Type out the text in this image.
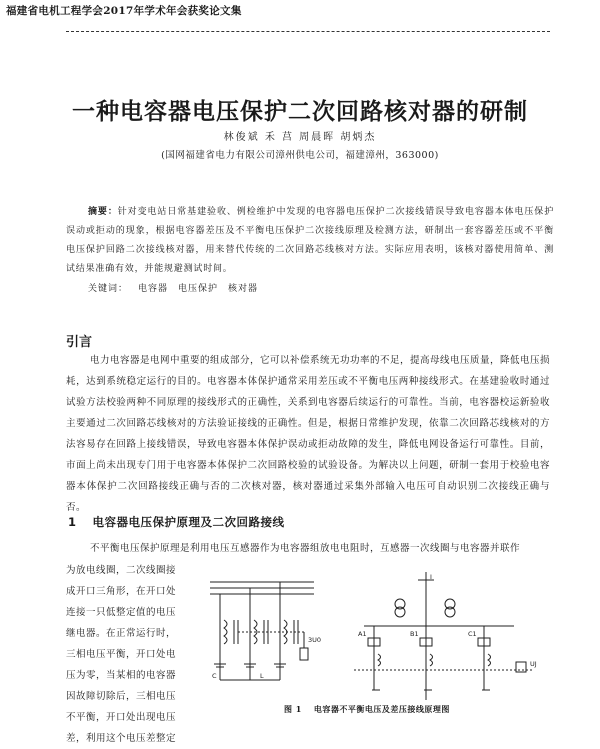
福建省电机工程学会2017年学术年会获奖论文集
一种电容器电压保护二次回路核对器的研制
林俊斌 禾 莒 周晨晖 胡炳杰
(国网福建省电力有限公司漳州供电公司，福建漳州，363000)
摘要：针对变电站日常基建验收、例检维护中发现的电容器电压保护二次接线错误导致电容器本体电压保护误动或拒动的现象，根据电容器差压及不平衡电压保护二次接线原理及检测方法，研制出一套容器差压或不平衡电压保护回路二次接线核对器，用来替代传统的二次回路芯线核对方法。实际应用表明，该核对器使用简单、测试结果准确有效，并能规避测试时间。
关键词： 电容器 电压保护 核对器
引言
电力电容器是电网中重要的组成部分，它可以补偿系统无功功率的不足，提高母线电压质量，降低电压损耗，达到系统稳定运行的目的。电容器本体保护通常采用差压或不平衡电压两种接线形式。在基建验收时通过试验方法校验两种不同原理的接线形式的正确性，关系到电容器后续运行的可靠性。当前，电容器校运新验收主要通过二次回路芯线核对的方法验证接线的正确性。但是，根据日常维护发现，依靠二次回路芯线核对的方法容易存在回路上接线错误，导致电容器本体保护误动或拒动故障的发生，降低电网设备运行可靠性。目前，市面上尚未出现专门用于电容器本体保护二次回路校验的试验设备。为解决以上问题，研制一套用于校验电容器本体保护二次回路接线正确与否的二次核对器，核对器通过采集外部输入电压可自动识别二次接线正确与否。
1 电容器电压保护原理及二次回路接线
不平衡电压保护原理是利用电压互感器作为电容器组放电电阻时，互感器一次线圈与电容器并联作
为放电线圈，二次线圈接
成开口三角形，在开口处
连接一只低整定值的电压
继电器。在正常运行时，
三相电压平衡，开口处电
压为零，当某相的电容器
因故障切除后，三相电压
不平衡，开口处出现电压
差，利用这个电压差整定
3U0
C	L
Ⅰ
A1	B1	C1
UJ
图 1 电容器不平衡电压及差压接线原理图
